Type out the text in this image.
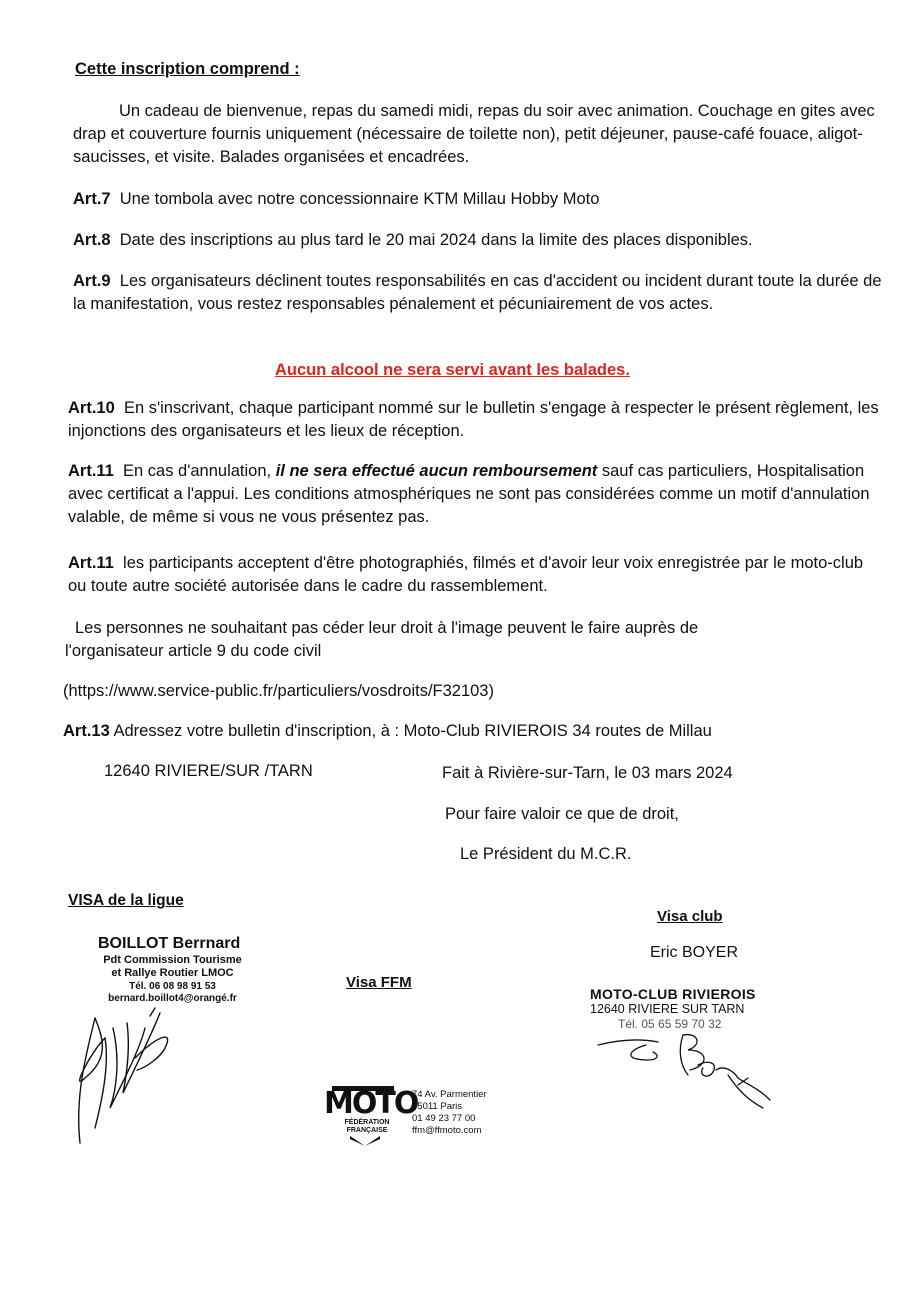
Cette inscription comprend :
Un cadeau de bienvenue, repas du samedi midi, repas du soir avec animation. Couchage en gites avec drap et couverture fournis uniquement (nécessaire de toilette non), petit déjeuner, pause-café fouace, aligot-saucisses, et visite. Balades organisées et encadrées.
Art.7 Une tombola avec notre concessionnaire KTM Millau Hobby Moto
Art.8 Date des inscriptions au plus tard le 20 mai 2024 dans la limite des places disponibles.
Art.9 Les organisateurs déclinent toutes responsabilités en cas d'accident ou incident durant toute la durée de la manifestation, vous restez responsables pénalement et pécuniairement de vos actes.
Aucun alcool ne sera servi avant les balades.
Art.10 En s'inscrivant, chaque participant nommé sur le bulletin s'engage à respecter le présent règlement, les injonctions des organisateurs et les lieux de réception.
Art.11 En cas d'annulation, il ne sera effectué aucun remboursement sauf cas particuliers, Hospitalisation avec certificat a l'appui. Les conditions atmosphériques ne sont pas considérées comme un motif d'annulation valable, de même si vous ne vous présentez pas.
Art.11 les participants acceptent d'être photographiés, filmés et d'avoir leur voix enregistrée par le moto-club ou toute autre société autorisée dans le cadre du rassemblement.
Les personnes ne souhaitant pas céder leur droit à l'image peuvent le faire auprès de l'organisateur article 9 du code civil
(https://www.service-public.fr/particuliers/vosdroits/F32103)
Art.13 Adressez votre bulletin d'inscription, à : Moto-Club RIVIEROIS 34 routes de Millau
12640 RIVIERE/SUR /TARN	Fait à Rivière-sur-Tarn, le 03 mars 2024
Pour faire valoir ce que de droit,
Le Président du M.C.R.
VISA de la ligue
BOILLOT Berrnard
Pdt Commission Tourisme
et Rallye Routier LMOC
Tél. 06 08 98 91 53
bernard.boillot4@orangé.fr
Visa FFM
MOTO
FÉDÉRATION
FRANÇAISE
74 Av. Parmentier
75011 Paris
01 49 23 77 00
ffm@ffmoto.com
Visa club
Eric BOYER
MOTO-CLUB RIVIEROIS
12640 RIVIERE SUR TARN
Tél. 05 65 59 70 32
